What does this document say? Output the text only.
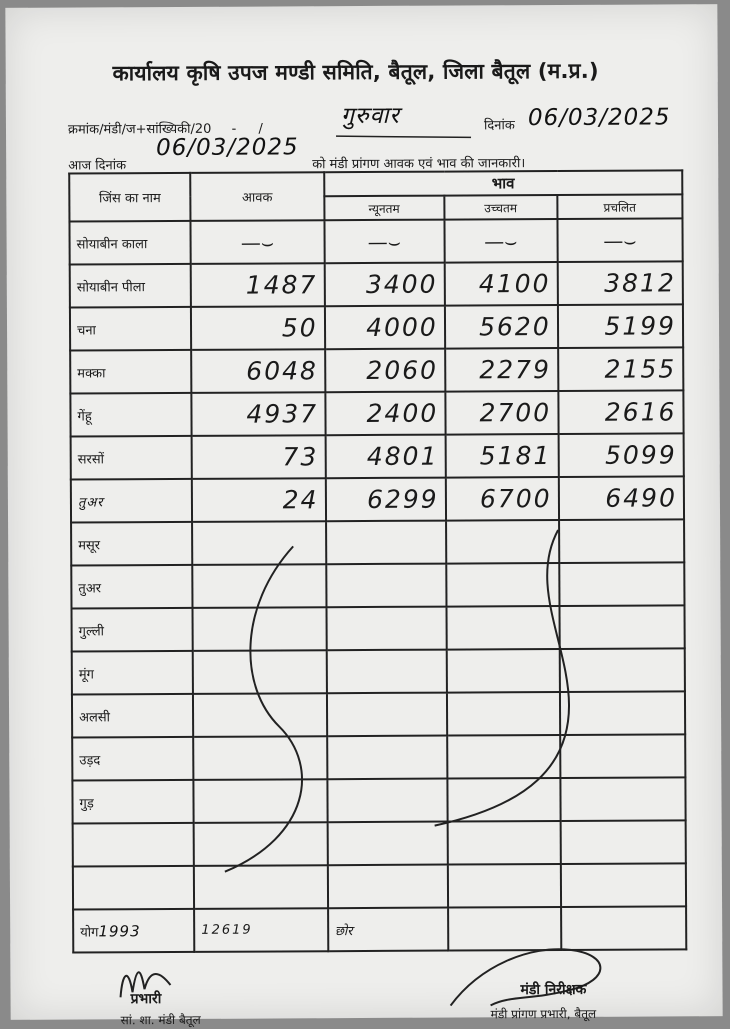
कार्यालय कृषि उपज मण्डी समिति, बैतूल, जिला बैतूल (म.प्र.)
क्रमांक/मंडी/ज+सांख्यिकी/20 - /	गुरुवार	दिनांक 06/03/2025
आज दिनांक
06/03/2025
को मंडी प्रांगण आवक एवं भाव की जानकारी।
जिंस का नाम	आवक	भाव		
		न्यूनतम	उच्चतम	प्रचलित
सोयाबीन काला	—⌣	—⌣	—⌣	—⌣
सोयाबीन पीला	1487	3400	4100	3812
चना	50	4000	5620	5199
मक्का	6048	2060	2279	2155
गेंहू	4937	2400	2700	2616
सरसों	73	4801	5181	5099
तुअर	24	6299	6700	6490
मसूर				
तुअर				
गुल्ली				
मूंग				
अलसी				
उड़द				
गुड़				

योग1993	12619	छोर		
प्रभारी
सां. शा. मंडी बैतूल
मंडी निरीक्षक
मंडी प्रांगण प्रभारी, बैतूल
